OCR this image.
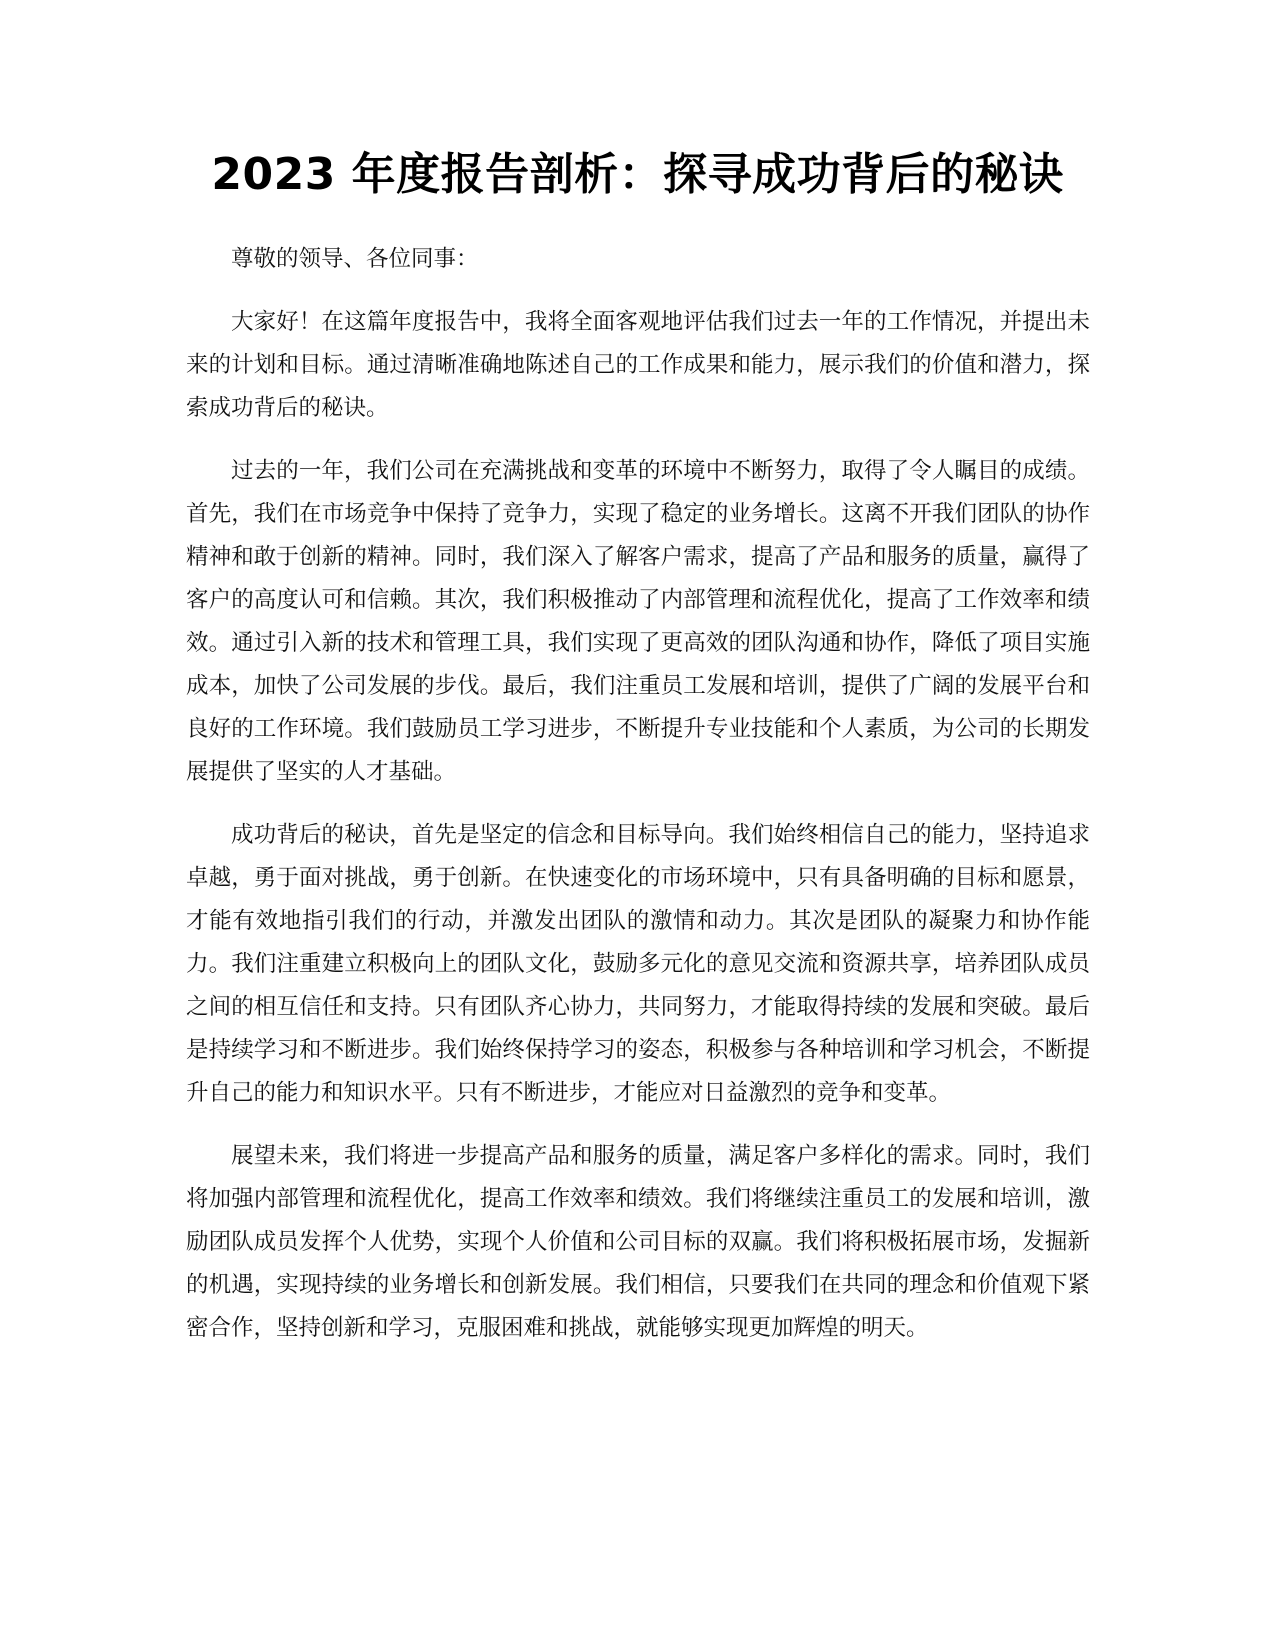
2023 年度报告剖析：探寻成功背后的秘诀

尊敬的领导、各位同事：

大家好！在这篇年度报告中，我将全面客观地评估我们过去一年的工作情况，并提出未来的计划和目标。通过清晰准确地陈述自己的工作成果和能力，展示我们的价值和潜力，探索成功背后的秘诀。

过去的一年，我们公司在充满挑战和变革的环境中不断努力，取得了令人瞩目的成绩。首先，我们在市场竞争中保持了竞争力，实现了稳定的业务增长。这离不开我们团队的协作精神和敢于创新的精神。同时，我们深入了解客户需求，提高了产品和服务的质量，赢得了客户的高度认可和信赖。其次，我们积极推动了内部管理和流程优化，提高了工作效率和绩效。通过引入新的技术和管理工具，我们实现了更高效的团队沟通和协作，降低了项目实施成本，加快了公司发展的步伐。最后，我们注重员工发展和培训，提供了广阔的发展平台和良好的工作环境。我们鼓励员工学习进步，不断提升专业技能和个人素质，为公司的长期发展提供了坚实的人才基础。

成功背后的秘诀，首先是坚定的信念和目标导向。我们始终相信自己的能力，坚持追求卓越，勇于面对挑战，勇于创新。在快速变化的市场环境中，只有具备明确的目标和愿景，才能有效地指引我们的行动，并激发出团队的激情和动力。其次是团队的凝聚力和协作能力。我们注重建立积极向上的团队文化，鼓励多元化的意见交流和资源共享，培养团队成员之间的相互信任和支持。只有团队齐心协力，共同努力，才能取得持续的发展和突破。最后是持续学习和不断进步。我们始终保持学习的姿态，积极参与各种培训和学习机会，不断提升自己的能力和知识水平。只有不断进步，才能应对日益激烈的竞争和变革。

展望未来，我们将进一步提高产品和服务的质量，满足客户多样化的需求。同时，我们将加强内部管理和流程优化，提高工作效率和绩效。我们将继续注重员工的发展和培训，激励团队成员发挥个人优势，实现个人价值和公司目标的双赢。我们将积极拓展市场，发掘新的机遇，实现持续的业务增长和创新发展。我们相信，只要我们在共同的理念和价值观下紧密合作，坚持创新和学习，克服困难和挑战，就能够实现更加辉煌的明天。
